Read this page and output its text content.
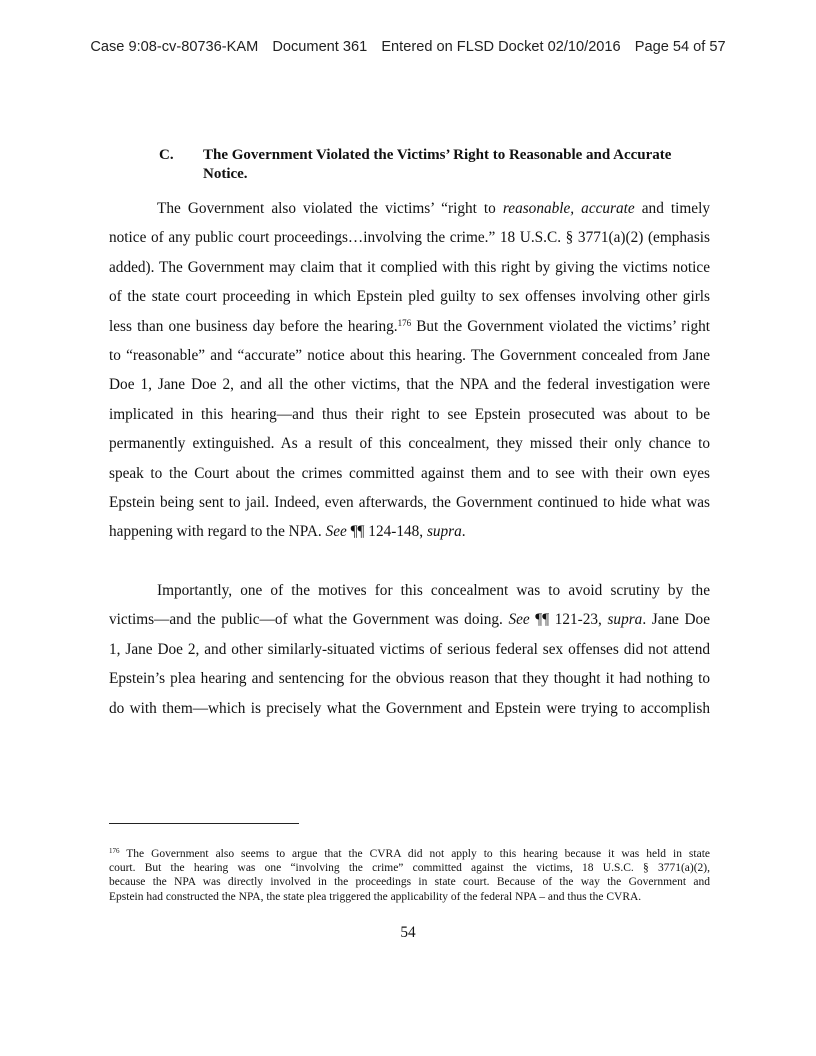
Case 9:08-cv-80736-KAM Document 361 Entered on FLSD Docket 02/10/2016 Page 54 of 57
C. The Government Violated the Victims’ Right to Reasonable and Accurate
Notice.

The Government also violated the victims’ “right to reasonable, accurate and timely
notice of any public court proceedings…involving the crime.” 18 U.S.C. § 3771(a)(2) (emphasis
added). The Government may claim that it complied with this right by giving the victims notice
of the state court proceeding in which Epstein pled guilty to sex offenses involving other girls
less than one business day before the hearing.$^{176}$ But the Government violated the victims’ right
to “reasonable” and “accurate” notice about this hearing. The Government concealed from Jane
Doe 1, Jane Doe 2, and all the other victims, that the NPA and the federal investigation were
implicated in this hearing—and thus their right to see Epstein prosecuted was about to be
permanently extinguished. As a result of this concealment, they missed their only chance to
speak to the Court about the crimes committed against them and to see with their own eyes
Epstein being sent to jail. Indeed, even afterwards, the Government continued to hide what was
happening with regard to the NPA. See ¶¶ 124-148, supra.

Importantly, one of the motives for this concealment was to avoid scrutiny by the
victims—and the public—of what the Government was doing. See ¶¶ 121-23, supra. Jane Doe
1, Jane Doe 2, and other similarly-situated victims of serious federal sex offenses did not attend
Epstein’s plea hearing and sentencing for the obvious reason that they thought it had nothing to
do with them—which is precisely what the Government and Epstein were trying to accomplish

$^{176}$ The Government also seems to argue that the CVRA did not apply to this hearing because it was held in state
court. But the hearing was one “involving the crime” committed against the victims, 18 U.S.C. § 3771(a)(2),
because the NPA was directly involved in the proceedings in state court. Because of the way the Government and
Epstein had constructed the NPA, the state plea triggered the applicability of the federal NPA – and thus the CVRA.
54
